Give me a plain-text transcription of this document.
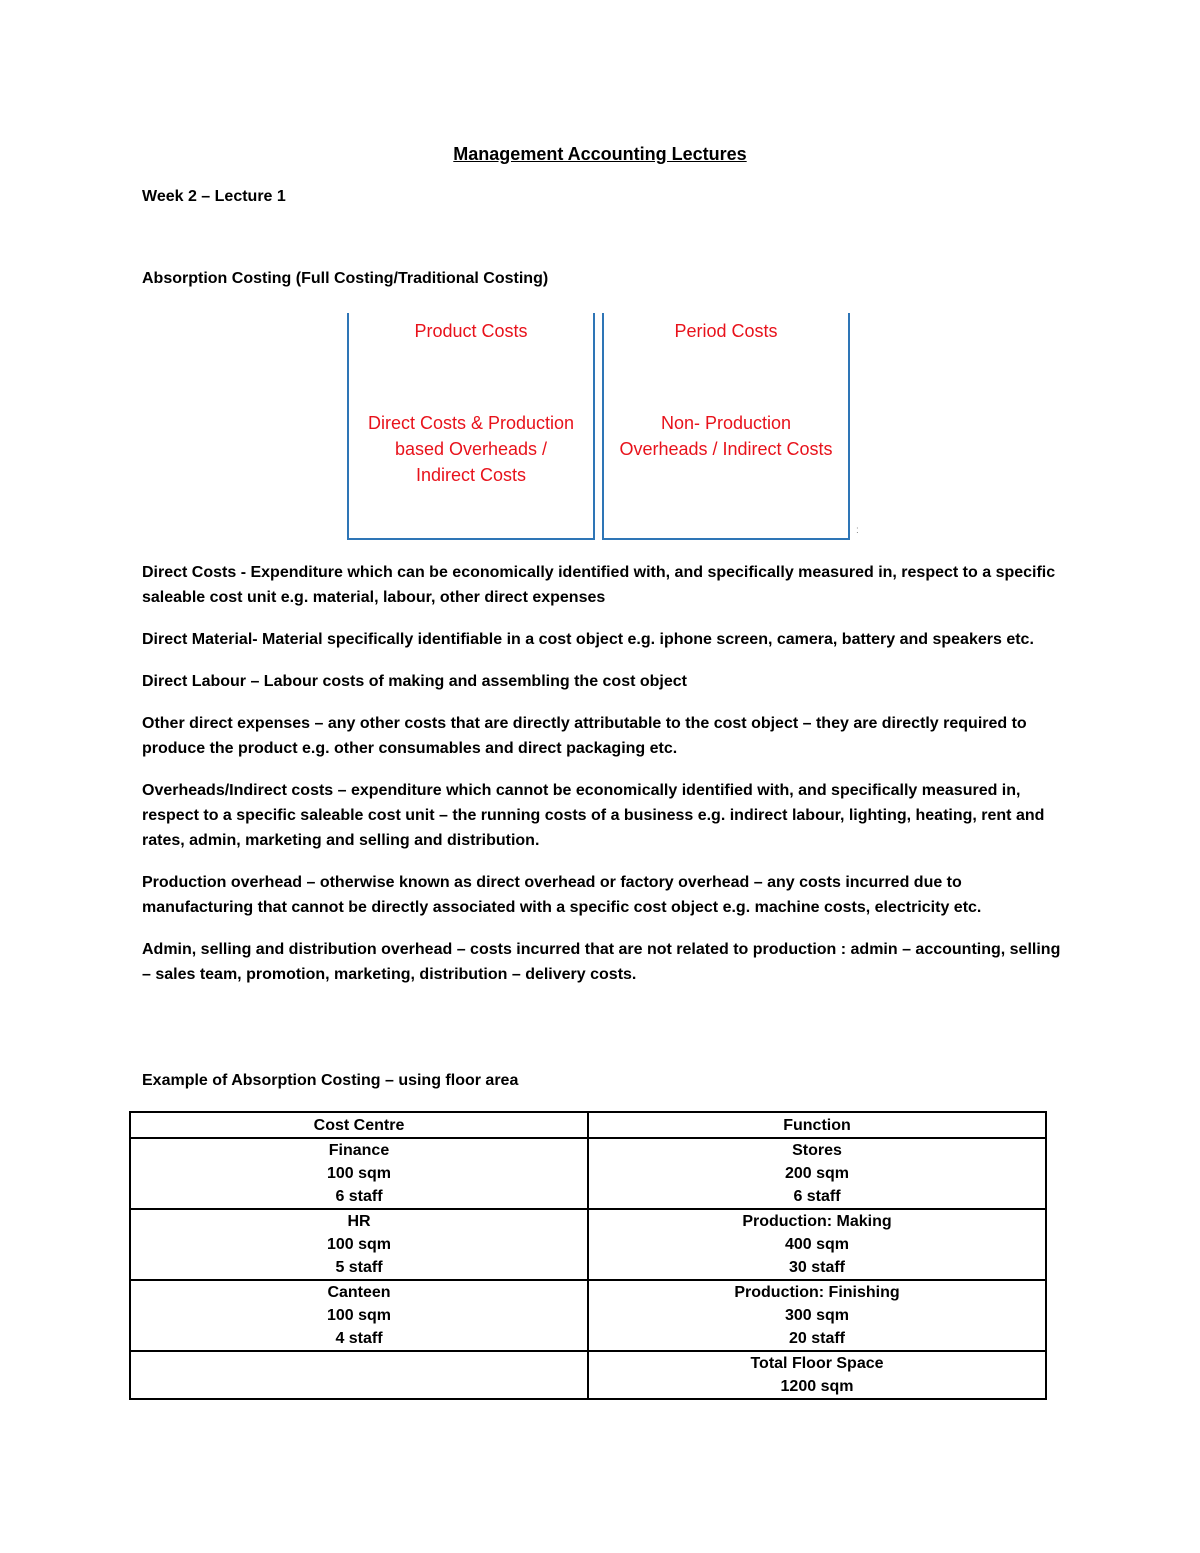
Management Accounting Lectures
Week 2 – Lecture 1
Absorption Costing (Full Costing/Traditional Costing)
Product Costs
Direct Costs & Production
based Overheads /
Indirect Costs
Period Costs
Non- Production
Overheads / Indirect Costs
:

Direct Costs - Expenditure which can be economically identified with, and specifically measured in, respect to a specific saleable cost unit e.g. material, labour, other direct expenses

Direct Material- Material specifically identifiable in a cost object e.g. iphone screen, camera, battery and speakers etc.

Direct Labour – Labour costs of making and assembling the cost object

Other direct expenses – any other costs that are directly attributable to the cost object – they are directly required to produce the product e.g. other consumables and direct packaging etc.

Overheads/Indirect costs – expenditure which cannot be economically identified with, and specifically measured in, respect to a specific saleable cost unit – the running costs of a business e.g. indirect labour, lighting, heating, rent and rates, admin, marketing and selling and distribution.

Production overhead – otherwise known as direct overhead or factory overhead – any costs incurred due to manufacturing that cannot be directly associated with a specific cost object e.g. machine costs, electricity etc.

Admin, selling and distribution overhead – costs incurred that are not related to production : admin – accounting, selling – sales team, promotion, marketing, distribution – delivery costs.

Example of Absorption Costing – using floor area
Cost Centre	Function

Finance
100 sqm
6 staff	Stores
200 sqm
6 staff

HR
100 sqm
5 staff	Production: Making
400 sqm
30 staff

Canteen
100 sqm
4 staff	Production: Finishing
300 sqm
20 staff

	Total Floor Space
1200 sqm
